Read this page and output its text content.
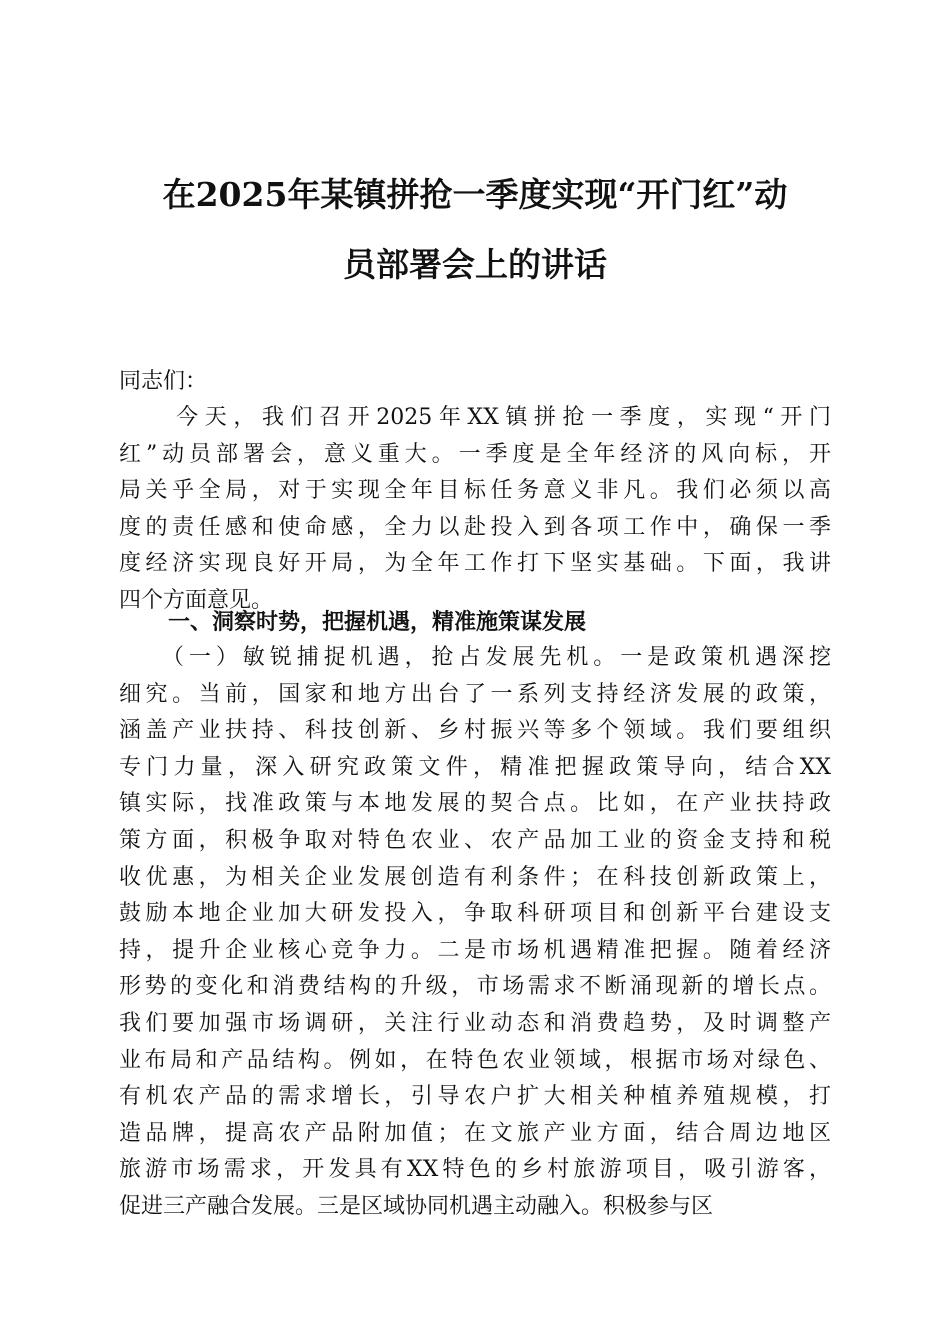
在2025年某镇拼抢一季度实现“开门红”动
员部署会上的讲话
同志们：
　　今天，我们召开2025年XX镇拼抢一季度，实现“开门
红”动员部署会，意义重大。一季度是全年经济的风向标，开
局关乎全局，对于实现全年目标任务意义非凡。我们必须以高
度的责任感和使命感，全力以赴投入到各项工作中，确保一季
度经济实现良好开局，为全年工作打下坚实基础。下面，我讲
四个方面意见。
一、洞察时势，把握机遇，精准施策谋发展
　　（一）敏锐捕捉机遇，抢占发展先机。一是政策机遇深挖
细究。当前，国家和地方出台了一系列支持经济发展的政策，
涵盖产业扶持、科技创新、乡村振兴等多个领域。我们要组织
专门力量，深入研究政策文件，精准把握政策导向，结合XX
镇实际，找准政策与本地发展的契合点。比如，在产业扶持政
策方面，积极争取对特色农业、农产品加工业的资金支持和税
收优惠，为相关企业发展创造有利条件；在科技创新政策上，
鼓励本地企业加大研发投入，争取科研项目和创新平台建设支
持，提升企业核心竞争力。二是市场机遇精准把握。随着经济
形势的变化和消费结构的升级，市场需求不断涌现新的增长点。
我们要加强市场调研，关注行业动态和消费趋势，及时调整产
业布局和产品结构。例如，在特色农业领域，根据市场对绿色、
有机农产品的需求增长，引导农户扩大相关种植养殖规模，打
造品牌，提高农产品附加值；在文旅产业方面，结合周边地区
旅游市场需求，开发具有XX特色的乡村旅游项目，吸引游客，
促进三产融合发展。三是区域协同机遇主动融入。积极参与区
